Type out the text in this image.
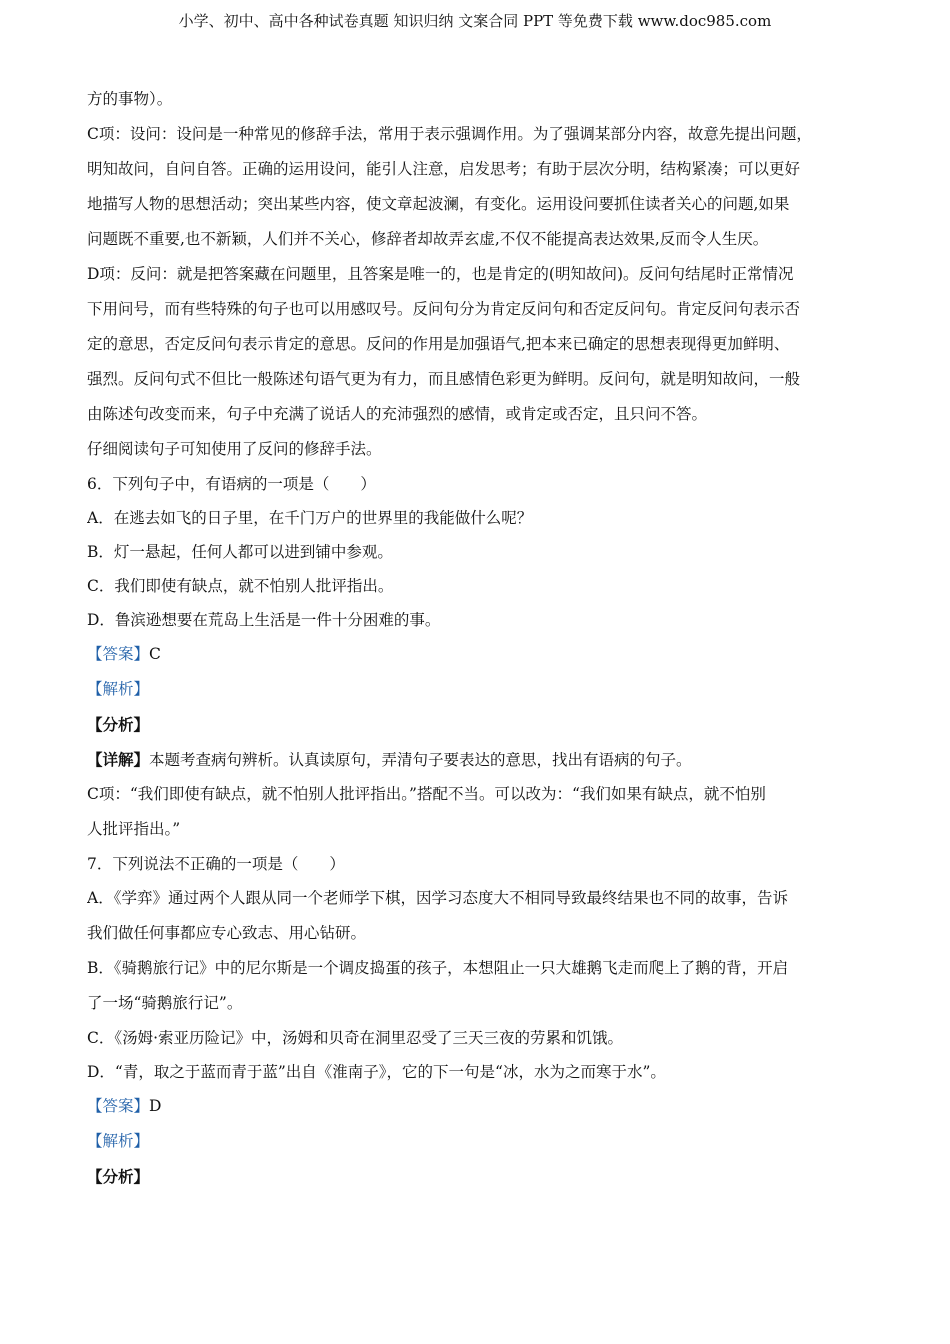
小学、初中、高中各种试卷真题 知识归纳 文案合同 PPT 等免费下载 www.doc985.com
方的事物）。
C项：设问：设问是一种常见的修辞手法，常用于表示强调作用。为了强调某部分内容，故意先提出问题，
明知故问，自问自答。正确的运用设问，能引人注意，启发思考；有助于层次分明，结构紧凑；可以更好
地描写人物的思想活动；突出某些内容，使文章起波澜，有变化。运用设问要抓住读者关心的问题,如果
问题既不重要,也不新颖，人们并不关心，修辞者却故弄玄虚,不仅不能提高表达效果,反而令人生厌。
D项：反问：就是把答案藏在问题里，且答案是唯一的，也是肯定的(明知故问)。反问句结尾时正常情况
下用问号，而有些特殊的句子也可以用感叹号。反问句分为肯定反问句和否定反问句。肯定反问句表示否
定的意思，否定反问句表示肯定的意思。反问的作用是加强语气,把本来已确定的思想表现得更加鲜明、
强烈。反问句式不但比一般陈述句语气更为有力，而且感情色彩更为鲜明。反问句，就是明知故问，一般
由陈述句改变而来，句子中充满了说话人的充沛强烈的感情，或肯定或否定，且只问不答。
仔细阅读句子可知使用了反问的修辞手法。
6．下列句子中，有语病的一项是（　　）
A．在逃去如飞的日子里，在千门万户的世界里的我能做什么呢？
B．灯一悬起，任何人都可以进到铺中参观。
C．我们即使有缺点，就不怕别人批评指出。
D．鲁滨逊想要在荒岛上生活是一件十分困难的事。
【答案】C
【解析】
【分析】
【详解】本题考查病句辨析。认真读原句，弄清句子要表达的意思，找出有语病的句子。
C项：“我们即使有缺点，就不怕别人批评指出。”搭配不当。可以改为：“我们如果有缺点，就不怕别
人批评指出。”
7．下列说法不正确的一项是（　　）
A．《学弈》通过两个人跟从同一个老师学下棋，因学习态度大不相同导致最终结果也不同的故事，告诉
我们做任何事都应专心致志、用心钻研。
B．《骑鹅旅行记》中的尼尔斯是一个调皮捣蛋的孩子，本想阻止一只大雄鹅飞走而爬上了鹅的背，开启
了一场“骑鹅旅行记”。
C．《汤姆·索亚历险记》中，汤姆和贝奇在洞里忍受了三天三夜的劳累和饥饿。
D．“青，取之于蓝而青于蓝”出自《淮南子》，它的下一句是“冰，水为之而寒于水”。
【答案】D
【解析】
【分析】
